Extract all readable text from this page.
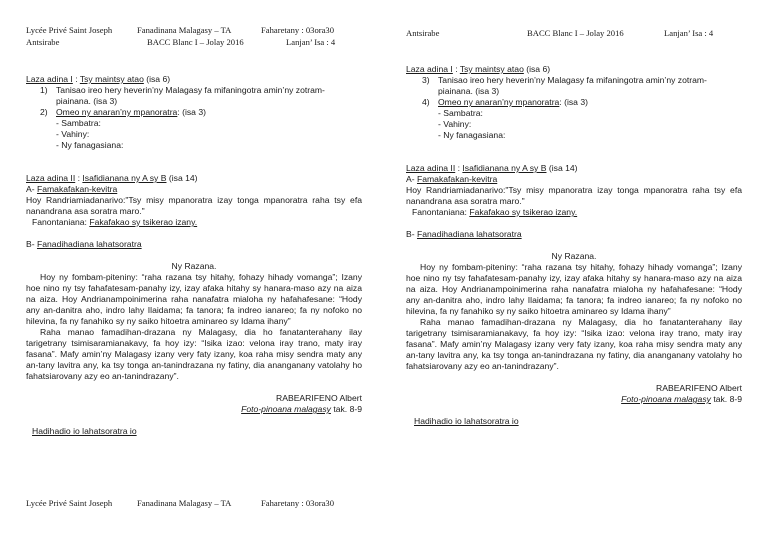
Lycée Privé Saint Joseph	Fanadinana Malagasy – TA	Faharetany : 03ora30
Antsirabe	BACC Blanc I – Jolay 2016	Lanjan’ Isa : 4
Laza adina I : Tsy maintsy atao (isa 6)
1) Tanisao ireo hery heverin’ny Malagasy fa mifaningotra amin’ny zotram-
piainana. (isa 3)
2) Omeo ny anaran’ny mpanoratra: (isa 3)
- Sambatra:
- Vahiny:
- Ny fanagasiana:
Laza adina II : Isafidianana ny A sy B (isa 14)
A- Famakafakan-kevitra
Hoy Randriamiadanarivo:"Tsy misy mpanoratra izay tonga mpanoratra raha tsy efa nanandrana asa soratra maro."
Fanontaniana: Fakafakao sy tsikerao izany.
B- Fanadihadiana lahatsoratra
Ny Razana.
Hoy ny fombam-piteniny: “raha razana tsy hitahy, fohazy hihady vomanga”; Izany hoe nino ny tsy fahafatesam-panahy izy, izay afaka hitahy sy hanara-maso azy na aiza na aiza. Hoy Andrianampoinimerina raha nanafatra mialoha ny hafahafesane: “Hody any an-danitra aho, indro lahy Ilaidama; fa tanora; fa indreo ianareo; fa ny nofoko no hilevina, fa ny fanahiko sy ny saiko hitoetra aminareo sy Idama ihany”
Raha manao famadihan-drazana ny Malagasy, dia ho fanatanterahany ilay tarigetrany tsimisaramianakavy, fa hoy izy: “Isika izao: velona iray trano, maty iray fasana”. Mafy amin’ny Malagasy izany very faty izany, koa raha misy sendra maty any an-tany lavitra any, ka tsy tonga an-tanindrazana ny fatiny, dia ananganany vatolahy ho fahatsiarovany azy eo an-tanindrazany”.
RABEARIFENO Albert
Foto-pinoana malagasy tak. 8-9
Hadihadio io lahatsoratra io
Lycée Privé Saint Joseph	Fanadinana Malagasy – TA	Faharetany : 03ora30
Antsirabe	BACC Blanc I – Jolay 2016	Lanjan’ Isa : 4
Laza adina I : Tsy maintsy atao (isa 6)
3) Tanisao ireo hery heverin’ny Malagasy fa mifaningotra amin’ny zotram-
piainana. (isa 3)
4) Omeo ny anaran’ny mpanoratra: (isa 3)
- Sambatra:
- Vahiny:
- Ny fanagasiana:
Laza adina II : Isafidianana ny A sy B (isa 14)
A- Famakafakan-kevitra
Hoy Randriamiadanarivo:"Tsy misy mpanoratra izay tonga mpanoratra raha tsy efa nanandrana asa soratra maro."
Fanontaniana: Fakafakao sy tsikerao izany.
B- Fanadihadiana lahatsoratra
Ny Razana.
Hoy ny fombam-piteniny: “raha razana tsy hitahy, fohazy hihady vomanga”; Izany hoe nino ny tsy fahafatesam-panahy izy, izay afaka hitahy sy hanara-maso azy na aiza na aiza. Hoy Andrianampoinimerina raha nanafatra mialoha ny hafahafesane: “Hody any an-danitra aho, indro lahy Ilaidama; fa tanora; fa indreo ianareo; fa ny nofoko no hilevina, fa ny fanahiko sy ny saiko hitoetra aminareo sy Idama ihany”
Raha manao famadihan-drazana ny Malagasy, dia ho fanatanterahany ilay tarigetrany tsimisaramianakavy, fa hoy izy: “Isika izao: velona iray trano, maty iray fasana”. Mafy amin’ny Malagasy izany very faty izany, koa raha misy sendra maty any an-tany lavitra any, ka tsy tonga an-tanindrazana ny fatiny, dia ananganany vatolahy ho fahatsiarovany azy eo an-tanindrazany”.
RABEARIFENO Albert
Foto-pinoana malagasy tak. 8-9
Hadihadio io lahatsoratra io
